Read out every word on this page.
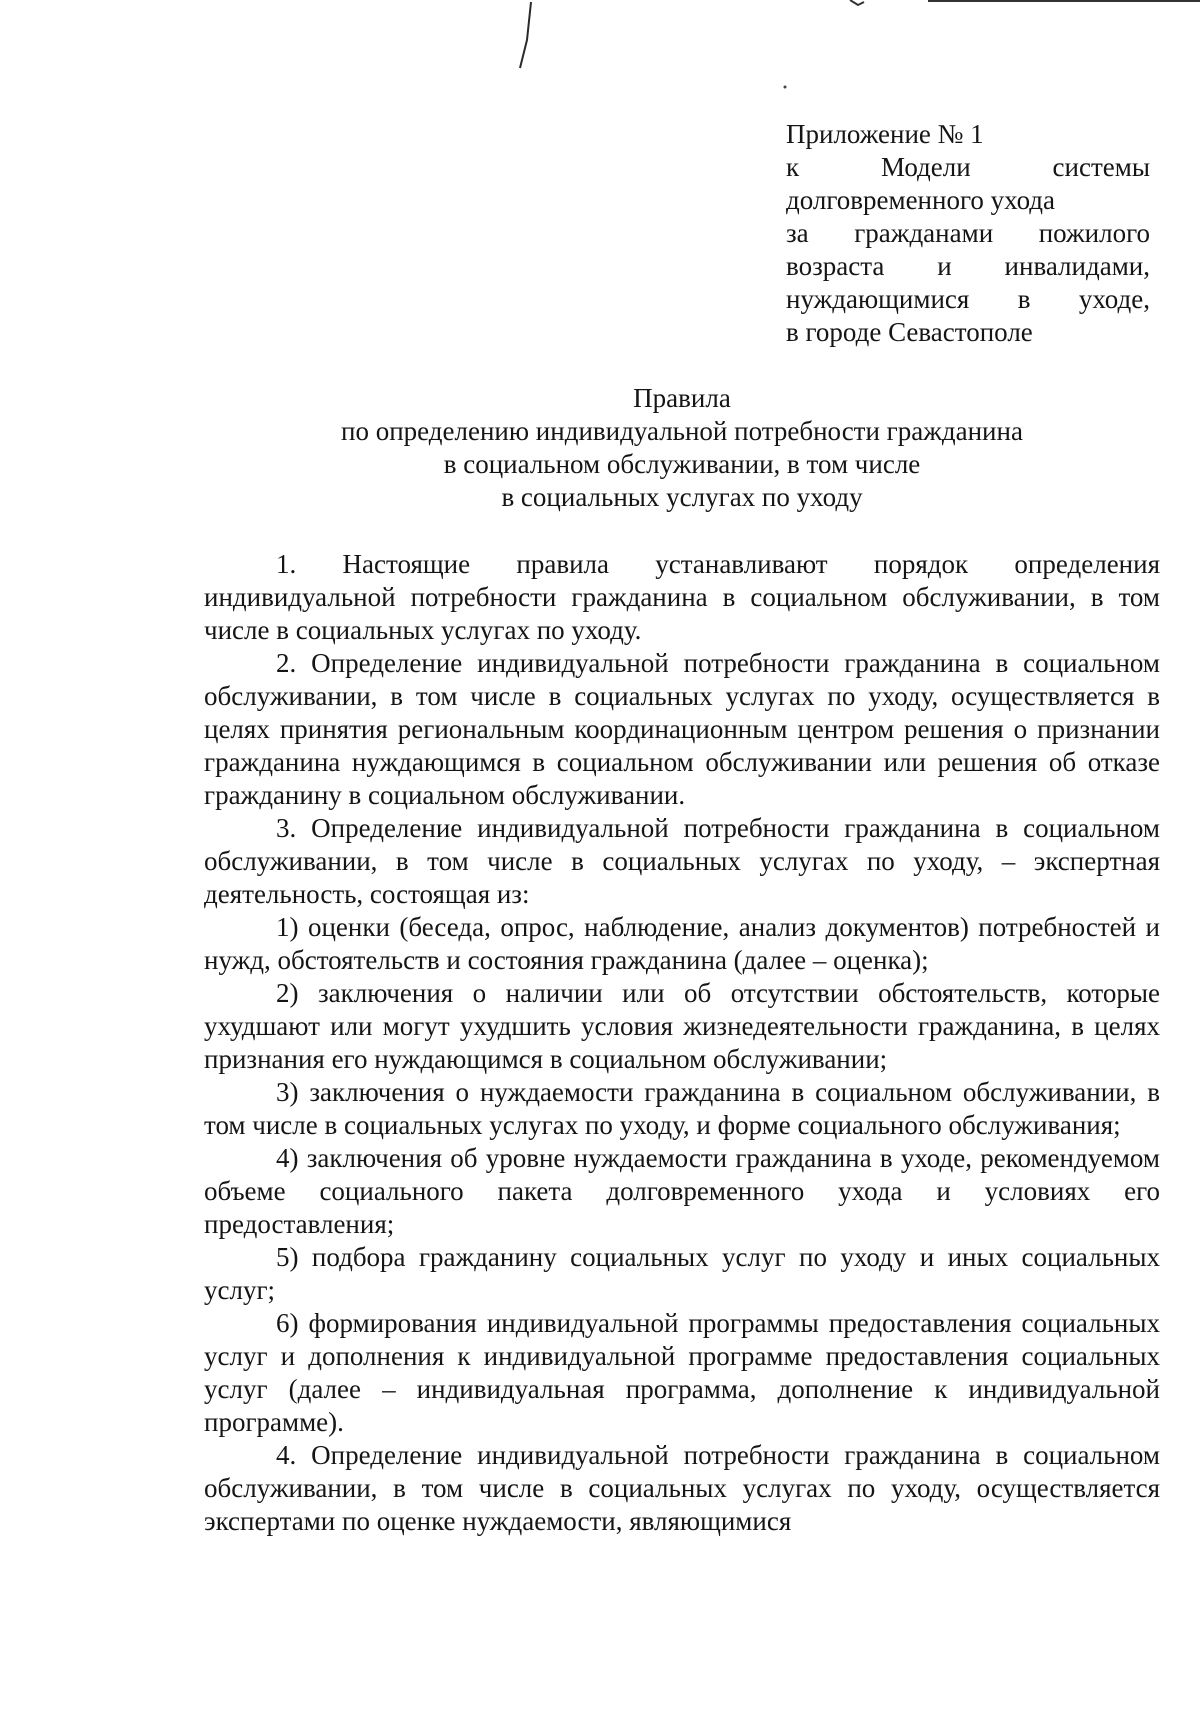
Приложение № 1
к	Модели	системы
долговременного ухода
за гражданами пожилого
возраста и инвалидами,
нуждающимися в уходе,
в городе Севастополе
Правила
по определению индивидуальной потребности гражданина
в социальном обслуживании, в том числе
в социальных услугах по уходу

1. Настоящие правила устанавливают порядок определения индивидуальной потребности гражданина в социальном обслуживании, в том числе в социальных услугах по уходу.

2. Определение индивидуальной потребности гражданина в социальном обслуживании, в том числе в социальных услугах по уходу, осуществляется в целях принятия региональным координационным центром решения о признании гражданина нуждающимся в социальном обслуживании или решения об отказе гражданину в социальном обслуживании.

3. Определение индивидуальной потребности гражданина в социальном обслуживании, в том числе в социальных услугах по уходу, – экспертная деятельность, состоящая из:

1) оценки (беседа, опрос, наблюдение, анализ документов) потребностей и нужд, обстоятельств и состояния гражданина (далее – оценка);

2) заключения о наличии или об отсутствии обстоятельств, которые ухудшают или могут ухудшить условия жизнедеятельности гражданина, в целях признания его нуждающимся в социальном обслуживании;

3) заключения о нуждаемости гражданина в социальном обслуживании, в том числе в социальных услугах по уходу, и форме социального обслуживания;

4) заключения об уровне нуждаемости гражданина в уходе, рекомендуемом объеме социального пакета долговременного ухода и условиях его предоставления;

5) подбора гражданину социальных услуг по уходу и иных социальных услуг;

6) формирования индивидуальной программы предоставления социальных услуг и дополнения к индивидуальной программе предоставления социальных услуг (далее – индивидуальная программа, дополнение к индивидуальной программе).

4. Определение индивидуальной потребности гражданина в социальном обслуживании, в том числе в социальных услугах по уходу, осуществляется экспертами по оценке нуждаемости, являющимися
